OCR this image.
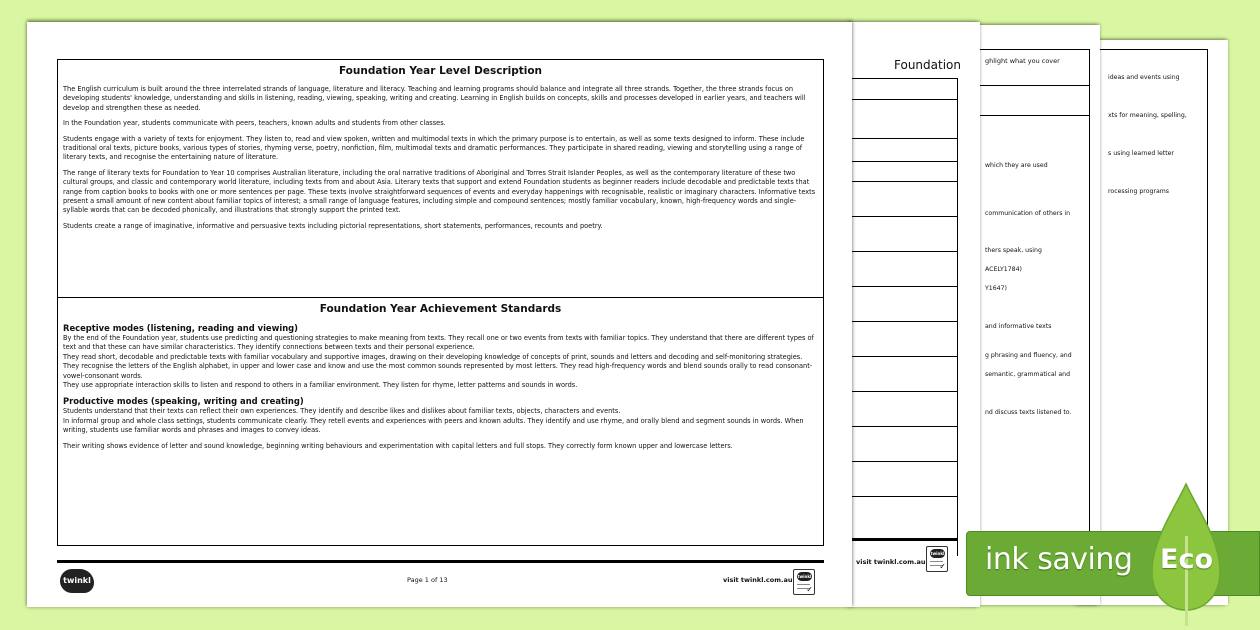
ideas and events using
xts for meaning, spelling,
s using learned letter
rocessing programs
ghlight what you cover
which they are used
communication of others in
thers speak, using
ACELY1784)
Y1647)
and informative texts
g phrasing and fluency, and
semantic, grammatical and
nd discuss texts listened to.
Foundation
visit twinkl.com.au
twinkl
✓
Foundation Year Level Description

The English curriculum is built around the three interrelated strands of language, literature and literacy. Teaching and learning programs should balance and integrate all three strands. Together, the three strands focus on developing students' knowledge, understanding and skills in listening, reading, viewing, speaking, writing and creating. Learning in English builds on concepts, skills and processes developed in earlier years, and teachers will develop and strengthen these as needed.

In the Foundation year, students communicate with peers, teachers, known adults and students from other classes.

Students engage with a variety of texts for enjoyment. They listen to, read and view spoken, written and multimodal texts in which the primary purpose is to entertain, as well as some texts designed to inform. These include traditional oral texts, picture books, various types of stories, rhyming verse, poetry, nonfiction, film, multimodal texts and dramatic performances. They participate in shared reading, viewing and storytelling using a range of literary texts, and recognise the entertaining nature of literature.

The range of literary texts for Foundation to Year 10 comprises Australian literature, including the oral narrative traditions of Aboriginal and Torres Strait Islander Peoples, as well as the contemporary literature of these two cultural groups, and classic and contemporary world literature, including texts from and about Asia. Literary texts that support and extend Foundation students as beginner readers include decodable and predictable texts that range from caption books to books with one or more sentences per page. These texts involve straightforward sequences of events and everyday happenings with recognisable, realistic or imaginary characters. Informative texts present a small amount of new content about familiar topics of interest; a small range of language features, including simple and compound sentences; mostly familiar vocabulary, known, high-frequency words and single-syllable words that can be decoded phonically, and illustrations that strongly support the printed text.

Students create a range of imaginative, informative and persuasive texts including pictorial representations, short statements, performances, recounts and poetry.

Foundation Year Achievement Standards
Receptive modes (listening, reading and viewing)

By the end of the Foundation year, students use predicting and questioning strategies to make meaning from texts. They recall one or two events from texts with familiar topics. They understand that there are different types of text and that these can have similar characteristics. They identify connections between texts and their personal experience.

They read short, decodable and predictable texts with familiar vocabulary and supportive images, drawing on their developing knowledge of concepts of print, sounds and letters and decoding and self-monitoring strategies. They recognise the letters of the English alphabet, in upper and lower case and know and use the most common sounds represented by most letters. They read high-frequency words and blend sounds orally to read consonant-vowel-consonant words.

They use appropriate interaction skills to listen and respond to others in a familiar environment. They listen for rhyme, letter patterns and sounds in words.

Productive modes (speaking, writing and creating)

Students understand that their texts can reflect their own experiences. They identify and describe likes and dislikes about familiar texts, objects, characters and events.

In informal group and whole class settings, students communicate clearly. They retell events and experiences with peers and known adults. They identify and use rhyme, and orally blend and segment sounds in words. When writing, students use familiar words and phrases and images to convey ideas.

Their writing shows evidence of letter and sound knowledge, beginning writing behaviours and experimentation with capital letters and full stops. They correctly form known upper and lowercase letters.

twinkl	Page 1 of 13	visit twinkl.com.au twinkl
✓
ink saving Eco
